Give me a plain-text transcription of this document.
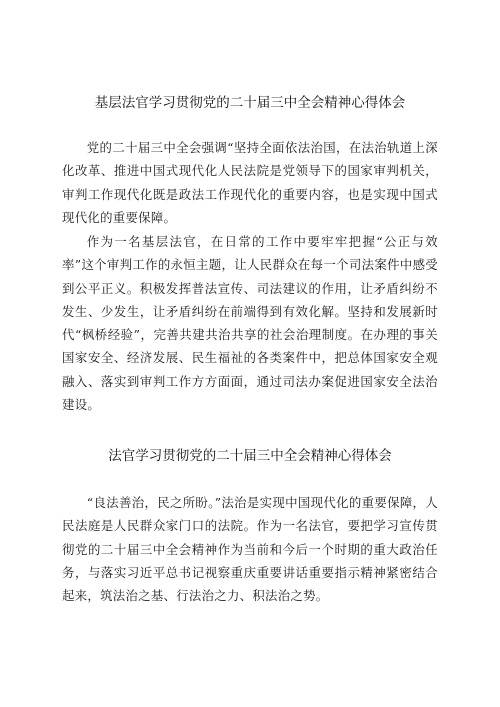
基层法官学习贯彻党的二十届三中全会精神心得体会

党的二十届三中全会强调“坚持全面依法治国，在法治轨道上深化改革、推进中国式现代化人民法院是党领导下的国家审判机关，审判工作现代化既是政法工作现代化的重要内容，也是实现中国式现代化的重要保障。

作为一名基层法官，在日常的工作中要牢牢把握“公正与效率”这个审判工作的永恒主题，让人民群众在每一个司法案件中感受到公平正义。积极发挥普法宣传、司法建议的作用，让矛盾纠纷不发生、少发生，让矛盾纠纷在前端得到有效化解。坚持和发展新时代“枫桥经验”，完善共建共治共享的社会治理制度。在办理的事关国家安全、经济发展、民生福祉的各类案件中，把总体国家安全观融入、落实到审判工作方方面面，通过司法办案促进国家安全法治建设。

法官学习贯彻党的二十届三中全会精神心得体会

“良法善治，民之所盼。”法治是实现中国现代化的重要保障，人民法庭是人民群众家门口的法院。作为一名法官，要把学习宣传贯彻党的二十届三中全会精神作为当前和今后一个时期的重大政治任务，与落实习近平总书记视察重庆重要讲话重要指示精神紧密结合起来，筑法治之基、行法治之力、积法治之势。
